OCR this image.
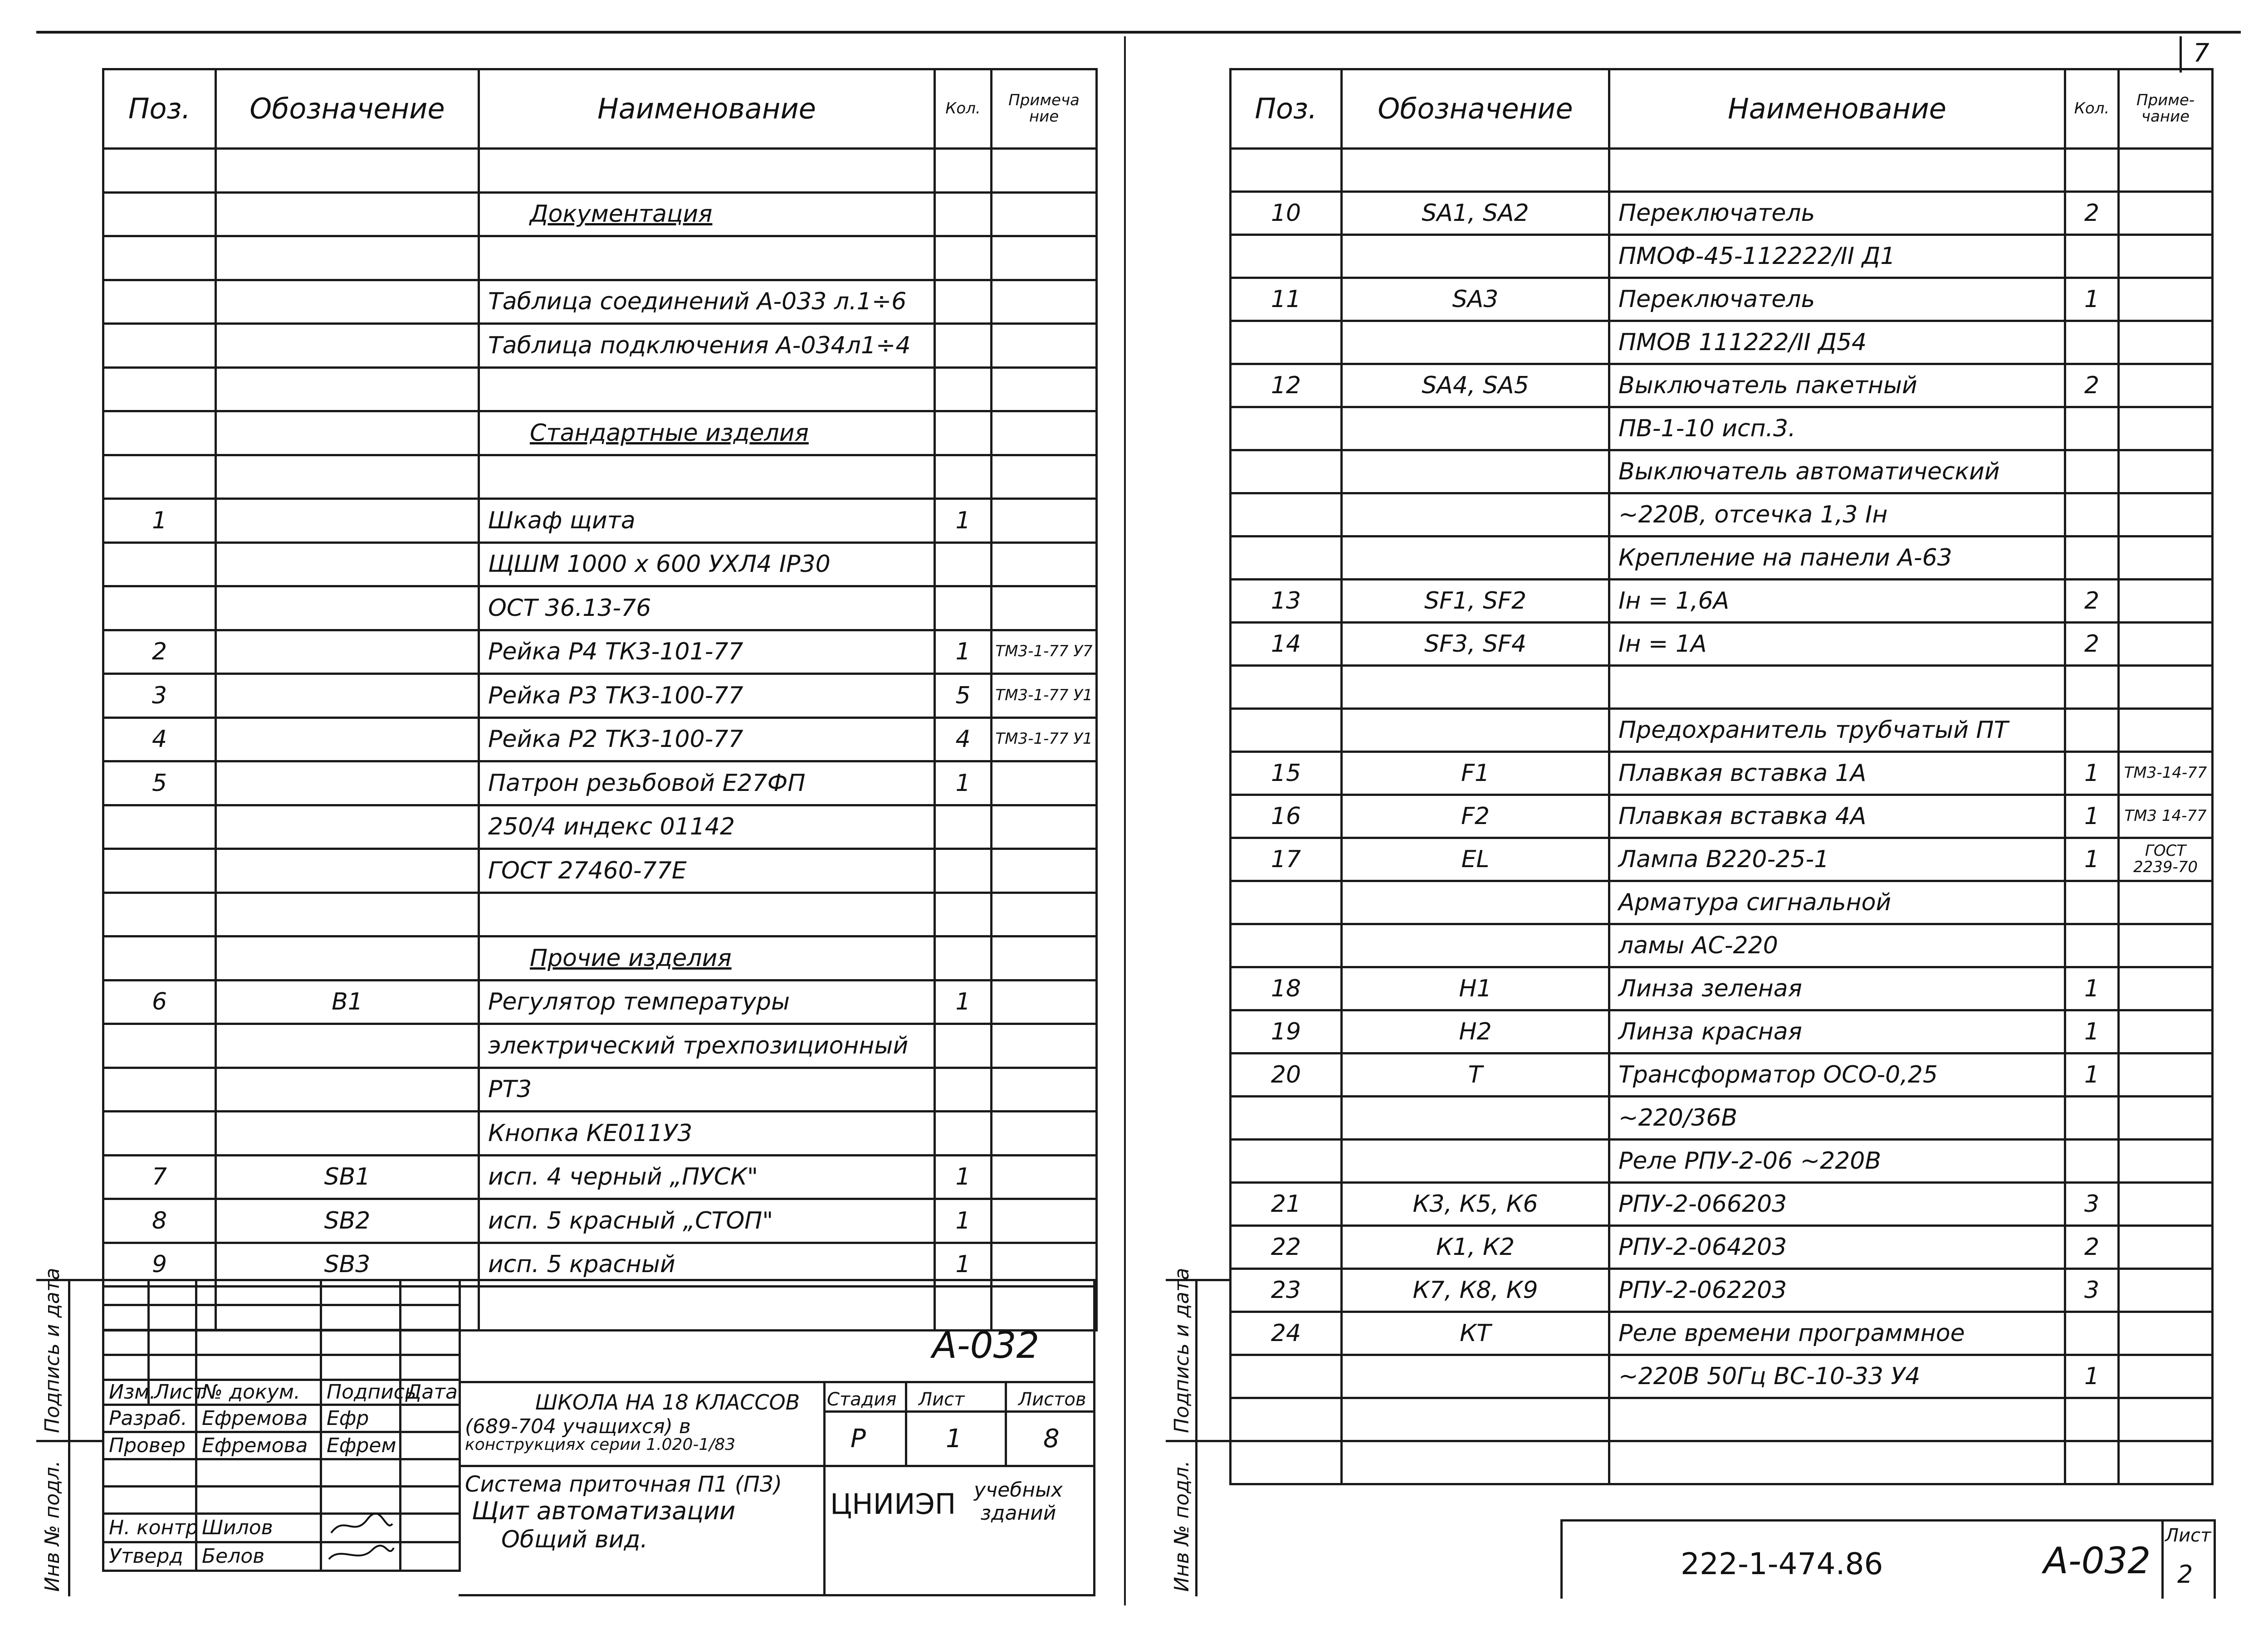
7
Поз.	Обозначение	Наименование	Кол.	Примеча ние

		Документация		

		Таблица соединений А-033 л.1÷6		
		Таблица подключения А-034л1÷4		

		Стандартные изделия		

1		Шкаф щита	1	
		ЩШМ 1000 х 600 УХЛ4 IP30		
		ОСТ 36.13-76		
2		Рейка Р4 ТК3-101-77	1	ТМ3-1-77 У7
3		Рейка Р3 ТК3-100-77	5	ТМ3-1-77 У1
4		Рейка Р2 ТК3-100-77	4	ТМ3-1-77 У1
5		Патрон резьбовой Е27ФП	1	
		250/4 индекс 01142		
		ГОСТ 27460-77Е		

		Прочие изделия		
6	В1	Регулятор температуры	1	
		электрический трехпозиционный		
		РТ3		
		Кнопка КЕ011У3		
7	SB1	исп. 4 черный „ПУСК"	1	
8	SB2	исп. 5 красный „СТОП"	1	
9	SB3	исп. 5 красный	1	

Изм.	Лист	№ докум.	Подпись	Дата
Разраб.		Ефремова	Ефр	
Провер		Ефремова	Ефрем	

Н. контр		Шилов		
Утверд		Белов		
А-032
ШКОЛА НА 18 КЛАССОВ
(689-704 учащихся) в
конструкциях серии 1.020-1/83
Система приточная П1 (П3)
Щит автоматизации
Общий вид.
Стадия Лист	Листов
Р	1	8
ЦНИИЭП учебных зданий
Подпись и дата
Инв № подл.
Поз.	Обозначение	Наименование	Кол.	Приме- чание

10	SA1, SA2	Переключатель	2	
		ПМОФ-45-112222/II Д1		
11	SA3	Переключатель	1	
		ПМОВ 111222/II Д54		
12	SA4, SA5	Выключатель пакетный	2	
		ПВ-1-10 исп.3.		
		Выключатель автоматический		
		~220В, отсечка 1,3 Iн		
		Крепление на панели А-63		
13	SF1, SF2	Iн = 1,6А	2	
14	SF3, SF4	Iн = 1А	2	

		Предохранитель трубчатый ПТ		
15	F1	Плавкая вставка 1А	1	ТМ3-14-77
16	F2	Плавкая вставка 4А	1	ТМ3 14-77
17	EL	Лампа В220-25-1	1	ГОСТ 2239-70
		Арматура сигнальной		
		ламы АС-220		
18	Н1	Линза зеленая	1	
19	Н2	Линза красная	1	
20	Т	Трансформатор ОСО-0,25	1	
		~220/36В		
		Реле РПУ-2-06 ~220В		
21	К3, К5, К6	РПУ-2-066203	3	
22	К1, К2	РПУ-2-064203	2	
23	К7, К8, К9	РПУ-2-062203	3	
24	КТ	Реле времени программное		
		~220В 50Гц ВС-10-33 У4	1	

Подпись и дата
Инв № подл.	222-1-474.86	А-032
Лист
2
